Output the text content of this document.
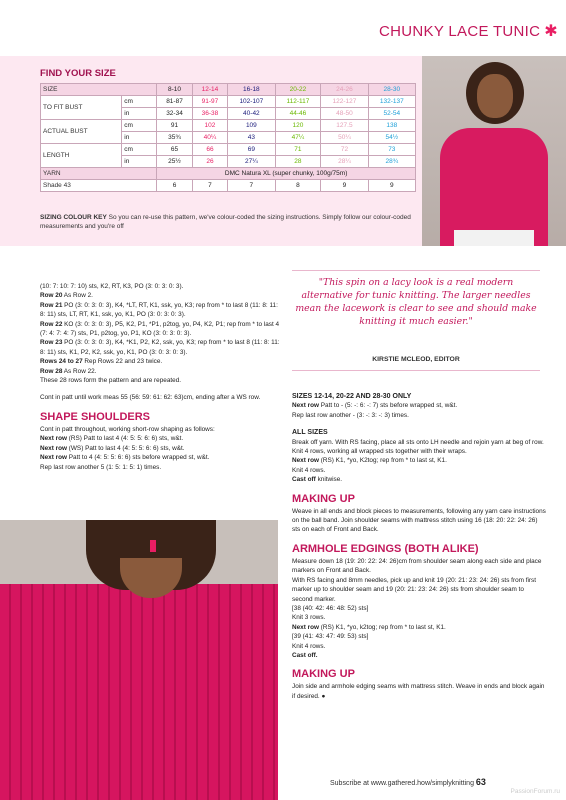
CHUNKY LACE TUNIC ✱
FIND YOUR SIZE
SIZE		8-10	12-14	16-18	20-22	24-26	28-30
TO FIT BUST	cm	81-87	91-97	102-107	112-117	122-127	132-137
	in	32-34	36-38	40-42	44-46	48-50	52-54
ACTUAL BUST	cm	91	102	109	120	127.5	138
	in	35¾	40¼	43	47¼	50¼	54½
LENGTH	cm	65	66	69	71	72	73
	in	25½	26	27¼	28	28¼	28¾
YARN		DMC Natura XL (super chunky, 100g/75m)					
Shade 43		6	7	7	8	9	9
SIZING COLOUR KEY So you can re-use this pattern, we've colour-coded the sizing instructions. Simply follow our colour-coded measurements and you're off

(10: 7: 10: 7: 10) sts, K2, RT, K3, PO (3: 0: 3: 0: 3).

Row 20 As Row 2.

Row 21 PO (3: 0: 3: 0: 3), K4, *LT, RT, K1, ssk, yo, K3; rep from * to last 8 (11: 8: 11: 8: 11) sts, LT, RT, K1, ssk, yo, K1, PO (3: 0: 3: 0: 3).

Row 22 KO (3: 0: 3: 0: 3), P5, K2, P1, *P1, p2tog, yo, P4, K2, P1; rep from * to last 4 (7: 4: 7: 4: 7) sts, P1, p2tog, yo, P1, KO (3: 0: 3: 0: 3).

Row 23 PO (3: 0: 3: 0: 3), K4, *K1, P2, K2, ssk, yo, K3; rep from * to last 8 (11: 8: 11: 8: 11) sts, K1, P2, K2, ssk, yo, K1, PO (3: 0: 3: 0: 3).

Rows 24 to 27 Rep Rows 22 and 23 twice.

Row 28 As Row 22.

These 28 rows form the pattern and are repeated.

Cont in patt until work meas 55 (56: 59: 61: 62: 63)cm, ending after a WS row.

SHAPE SHOULDERS

Cont in patt throughout, working short-row shaping as follows:

Next row (RS) Patt to last 4 (4: 5: 5: 6: 6) sts, w&t.

Next row (WS) Patt to last 4 (4: 5: 5: 6: 6) sts, w&t.

Next row Patt to 4 (4: 5: 5: 6: 6) sts before wrapped st, w&t.

Rep last row another 5 (1: 5: 1: 5: 1) times.

"This spin on a lacy look is a real modern alternative for tunic knitting. The larger needles mean the lacework is clear to see and should make knitting it much easier."
KIRSTIE MCLEOD, EDITOR

SIZES 12-14, 20-22 AND 28-30 ONLY

Next row Patt to - (5: -: 6: -: 7) sts before wrapped st, w&t.

Rep last row another - (3: -: 3: -: 3) times.

ALL SIZES

Break off yarn. With RS facing, place all sts onto LH needle and rejoin yarn at beg of row.

Knit 4 rows, working all wrapped sts together with their wraps.

Next row (RS) K1, *yo, K2tog; rep from * to last st, K1.

Knit 4 rows.

Cast off knitwise.

MAKING UP

Weave in all ends and block pieces to measurements, following any yarn care instructions on the ball band. Join shoulder seams with mattress stitch using 16 (18: 20: 22: 24: 26) sts on each of Front and Back.

ARMHOLE EDGINGS (BOTH ALIKE)

Measure down 18 (19: 20: 22: 24: 26)cm from shoulder seam along each side and place markers on Front and Back.

With RS facing and 8mm needles, pick up and knit 19 (20: 21: 23: 24: 26) sts from first marker up to shoulder seam and 19 (20: 21: 23: 24: 26) sts from shoulder seam to second marker.

[38 (40: 42: 46: 48: 52) sts]

Knit 3 rows.

Next row (RS) K1, *yo, k2tog; rep from * to last st, K1.

[39 (41: 43: 47: 49: 53) sts]

Knit 4 rows.

Cast off.

MAKING UP

Join side and armhole edging seams with mattress stitch. Weave in ends and block again if desired. ●

Subscribe at www.gathered.how/simplyknitting 63
PassionForum.ru
